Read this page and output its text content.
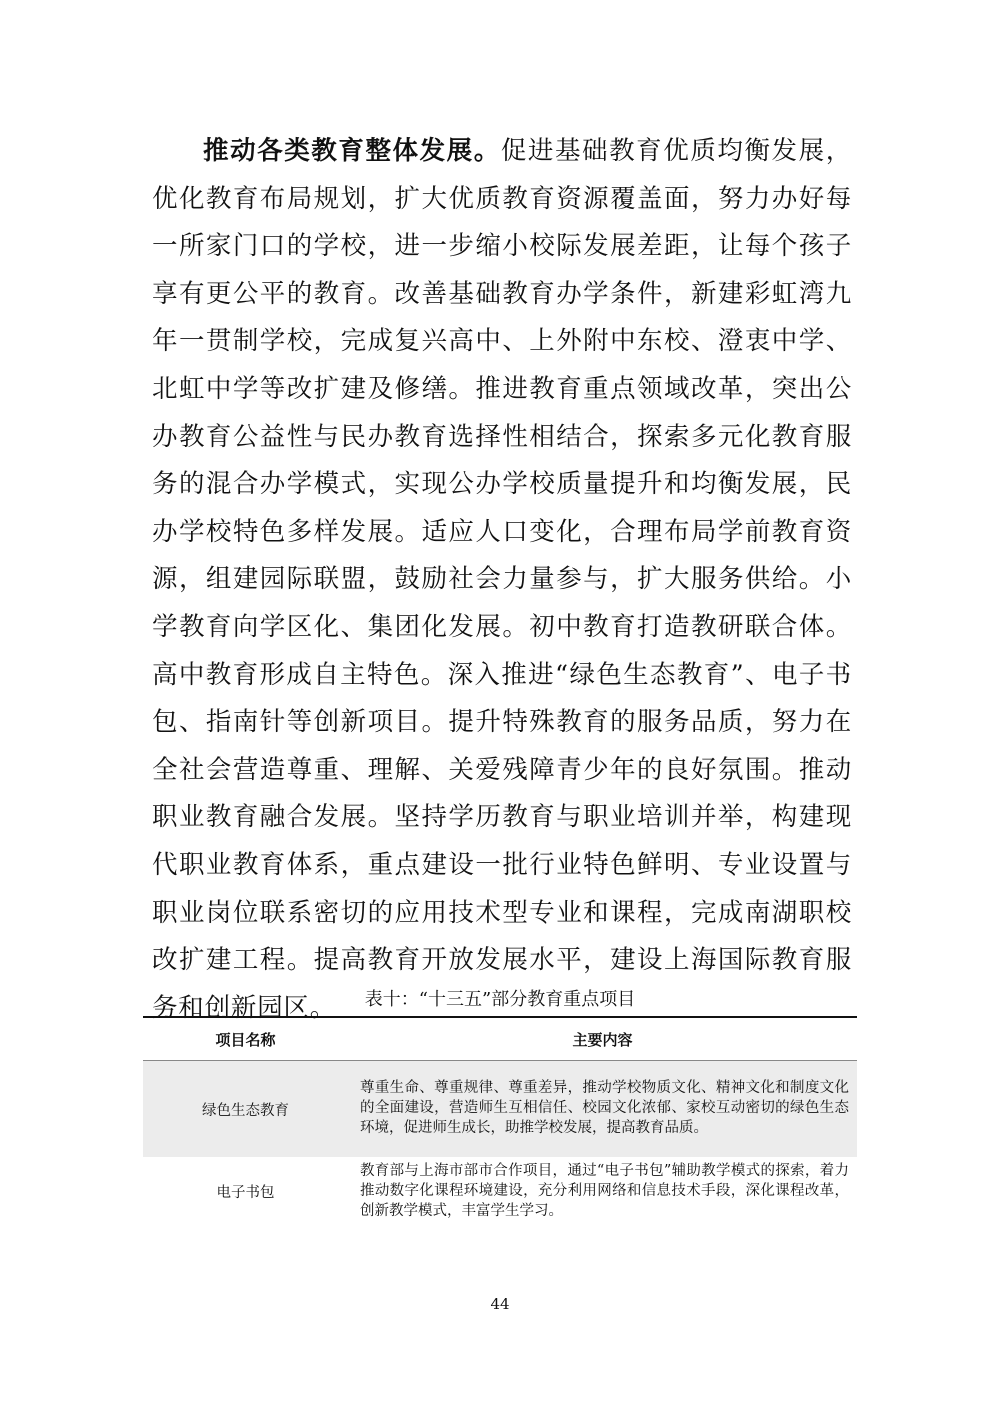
推动各类教育整体发展。促进基础教育优质均衡发展，优化教育布局规划，扩大优质教育资源覆盖面，努力办好每一所家门口的学校，进一步缩小校际发展差距，让每个孩子享有更公平的教育。改善基础教育办学条件，新建彩虹湾九年一贯制学校，完成复兴高中、上外附中东校、澄衷中学、北虹中学等改扩建及修缮。推进教育重点领域改革，突出公办教育公益性与民办教育选择性相结合，探索多元化教育服务的混合办学模式，实现公办学校质量提升和均衡发展，民办学校特色多样发展。适应人口变化，合理布局学前教育资源，组建园际联盟，鼓励社会力量参与，扩大服务供给。小学教育向学区化、集团化发展。初中教育打造教研联合体。高中教育形成自主特色。深入推进“绿色生态教育”、电子书包、指南针等创新项目。提升特殊教育的服务品质，努力在全社会营造尊重、理解、关爱残障青少年的良好氛围。推动职业教育融合发展。坚持学历教育与职业培训并举，构建现代职业教育体系，重点建设一批行业特色鲜明、专业设置与职业岗位联系密切的应用技术型专业和课程，完成南湖职校改扩建工程。提高教育开放发展水平，建设上海国际教育服务和创新园区。	表十：“十三五”部分教育重点项目
项目名称	主要内容
绿色生态教育
尊重生命、尊重规律、尊重差异，推动学校物质文化、精神文化和制度文化的全面建设，营造师生互相信任、校园文化浓郁、家校互动密切的绿色生态环境，促进师生成长，助推学校发展，提高教育品质。
电子书包
教育部与上海市部市合作项目，通过“电子书包”辅助教学模式的探索，着力推动数字化课程环境建设，充分利用网络和信息技术手段，深化课程改革，创新教学模式，丰富学生学习。
44
